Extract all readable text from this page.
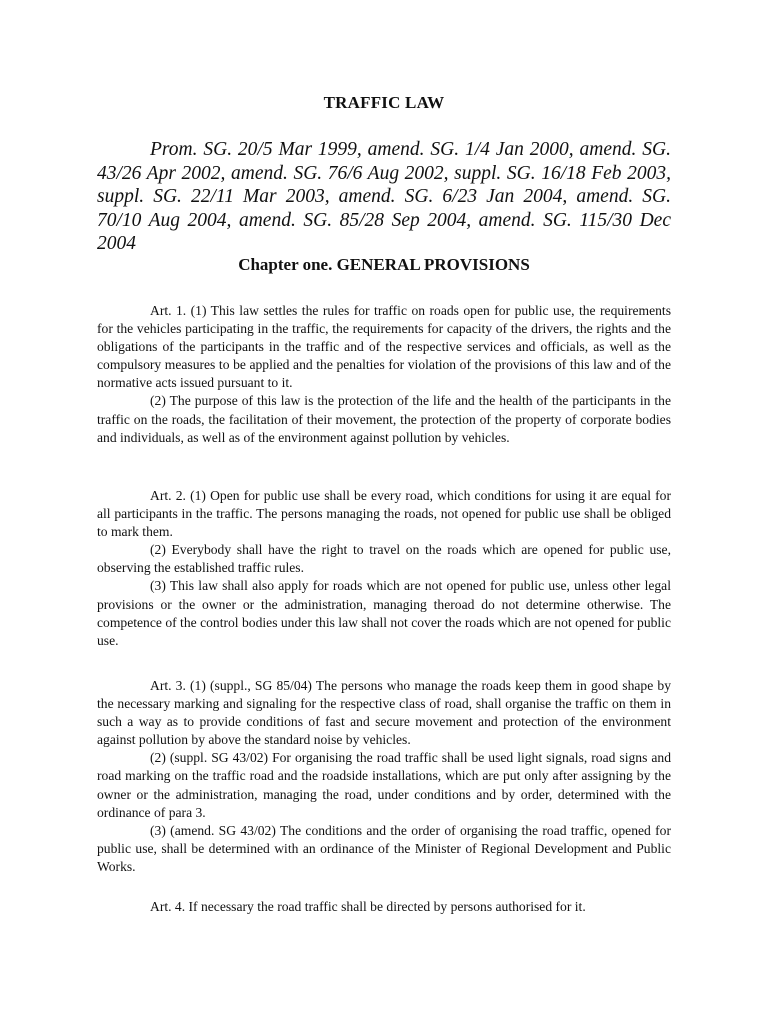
TRAFFIC LAW

Prom. SG. 20/5 Mar 1999, amend. SG. 1/4 Jan 2000, amend. SG. 43/26 Apr 2002, amend. SG. 76/6 Aug 2002, suppl. SG. 16/18 Feb 2003, suppl. SG. 22/11 Mar 2003, amend. SG. 6/23 Jan 2004, amend. SG. 70/10 Aug 2004, amend. SG. 85/28 Sep 2004, amend. SG. 115/30 Dec 2004

Chapter one. GENERAL PROVISIONS

Art. 1. (1) This law settles the rules for traffic on roads open for public use, the requirements for the vehicles participating in the traffic, the requirements for capacity of the drivers, the rights and the obligations of the participants in the traffic and of the respective services and officials, as well as the compulsory measures to be applied and the penalties for violation of the provisions of this law and of the normative acts issued pursuant to it.

(2) The purpose of this law is the protection of the life and the health of the participants in the traffic on the roads, the facilitation of their movement, the protection of the property of corporate bodies and individuals, as well as of the environment against pollution by vehicles.

Art. 2. (1) Open for public use shall be every road, which conditions for using it are equal for all participants in the traffic. The persons managing the roads, not opened for public use shall be obliged to mark them.

(2) Everybody shall have the right to travel on the roads which are opened for public use, observing the established traffic rules.

(3) This law shall also apply for roads which are not opened for public use, unless other legal provisions or the owner or the administration, managing theroad do not determine otherwise. The competence of the control bodies under this law shall not cover the roads which are not opened for public use.

Art. 3. (1) (suppl., SG 85/04) The persons who manage the roads keep them in good shape by the necessary marking and signaling for the respective class of road, shall organise the traffic on them in such a way as to provide conditions of fast and secure movement and protection of the environment against pollution by above the standard noise by vehicles.

(2) (suppl. SG 43/02) For organising the road traffic shall be used light signals, road signs and road marking on the traffic road and the roadside installations, which are put only after assigning by the owner or the administration, managing the road, under conditions and by order, determined with the ordinance of para 3.

(3) (amend. SG 43/02) The conditions and the order of organising the road traffic, opened for public use, shall be determined with an ordinance of the Minister of Regional Development and Public Works.

Art. 4. If necessary the road traffic shall be directed by persons authorised for it.
